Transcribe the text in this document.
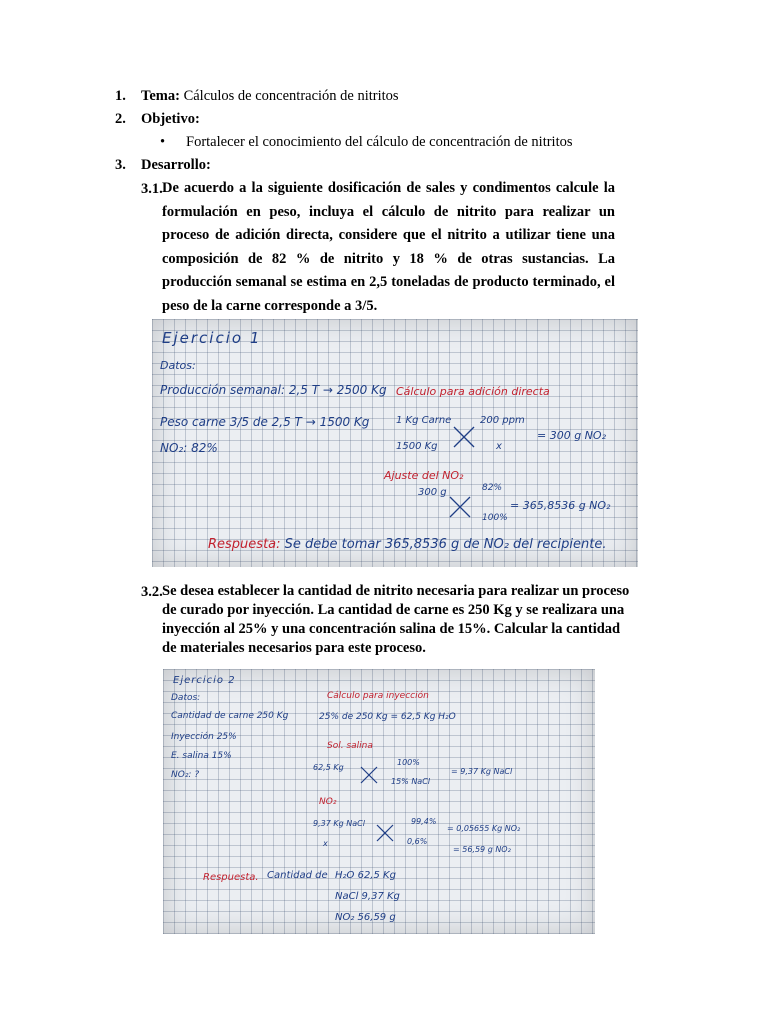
1. Tema: Cálculos de concentración de nitritos
2. Objetivo:
• Fortalecer el conocimiento del cálculo de concentración de nitritos
3. Desarrollo:
3.1. De acuerdo a la siguiente dosificación de sales y condimentos calcule la formulación en peso, incluya el cálculo de nitrito para realizar un proceso de adición directa, considere que el nitrito a utilizar tiene una composición de 82 % de nitrito y 18 % de otras sustancias. La producción semanal se estima en 2,5 toneladas de producto terminado, el peso de la carne corresponde a 3/5.
Ejercicio 1
Datos:
Producción semanal: 2,5 T → 2500 Kg
Peso carne 3/5 de 2,5 T → 1500 Kg
NO₂: 82%
Cálculo para adición directa
1 Kg Carne	200 ppm
1500 Kg	x
= 300 g NO₂
Ajuste del NO₂
300 g	82%
100%
= 365,8536 g NO₂
Respuesta: Se debe tomar 365,8536 g de NO₂ del recipiente.
3.2. Se desea establecer la cantidad de nitrito necesaria para realizar un proceso
de curado por inyección. La cantidad de carne es 250 Kg y se realizara una
inyección al 25% y una concentración salina de 15%. Calcular la cantidad
de materiales necesarios para este proceso.
Ejercicio 2
Datos:
Cantidad de carne 250 Kg
Inyección 25%
E. salina 15%
NO₂: ?
Cálculo para inyección
25% de 250 Kg = 62,5 Kg H₂O
Sol. salina
62,5 Kg
100%
15% NaCl
= 9,37 Kg NaCl
NO₂
9,37 Kg NaCl	99,4%
x	0,6%
= 0,05655 Kg NO₂
= 56,59 g NO₂
Respuesta. Cantidad de H₂O 62,5 Kg
NaCl 9,37 Kg
NO₂ 56,59 g
